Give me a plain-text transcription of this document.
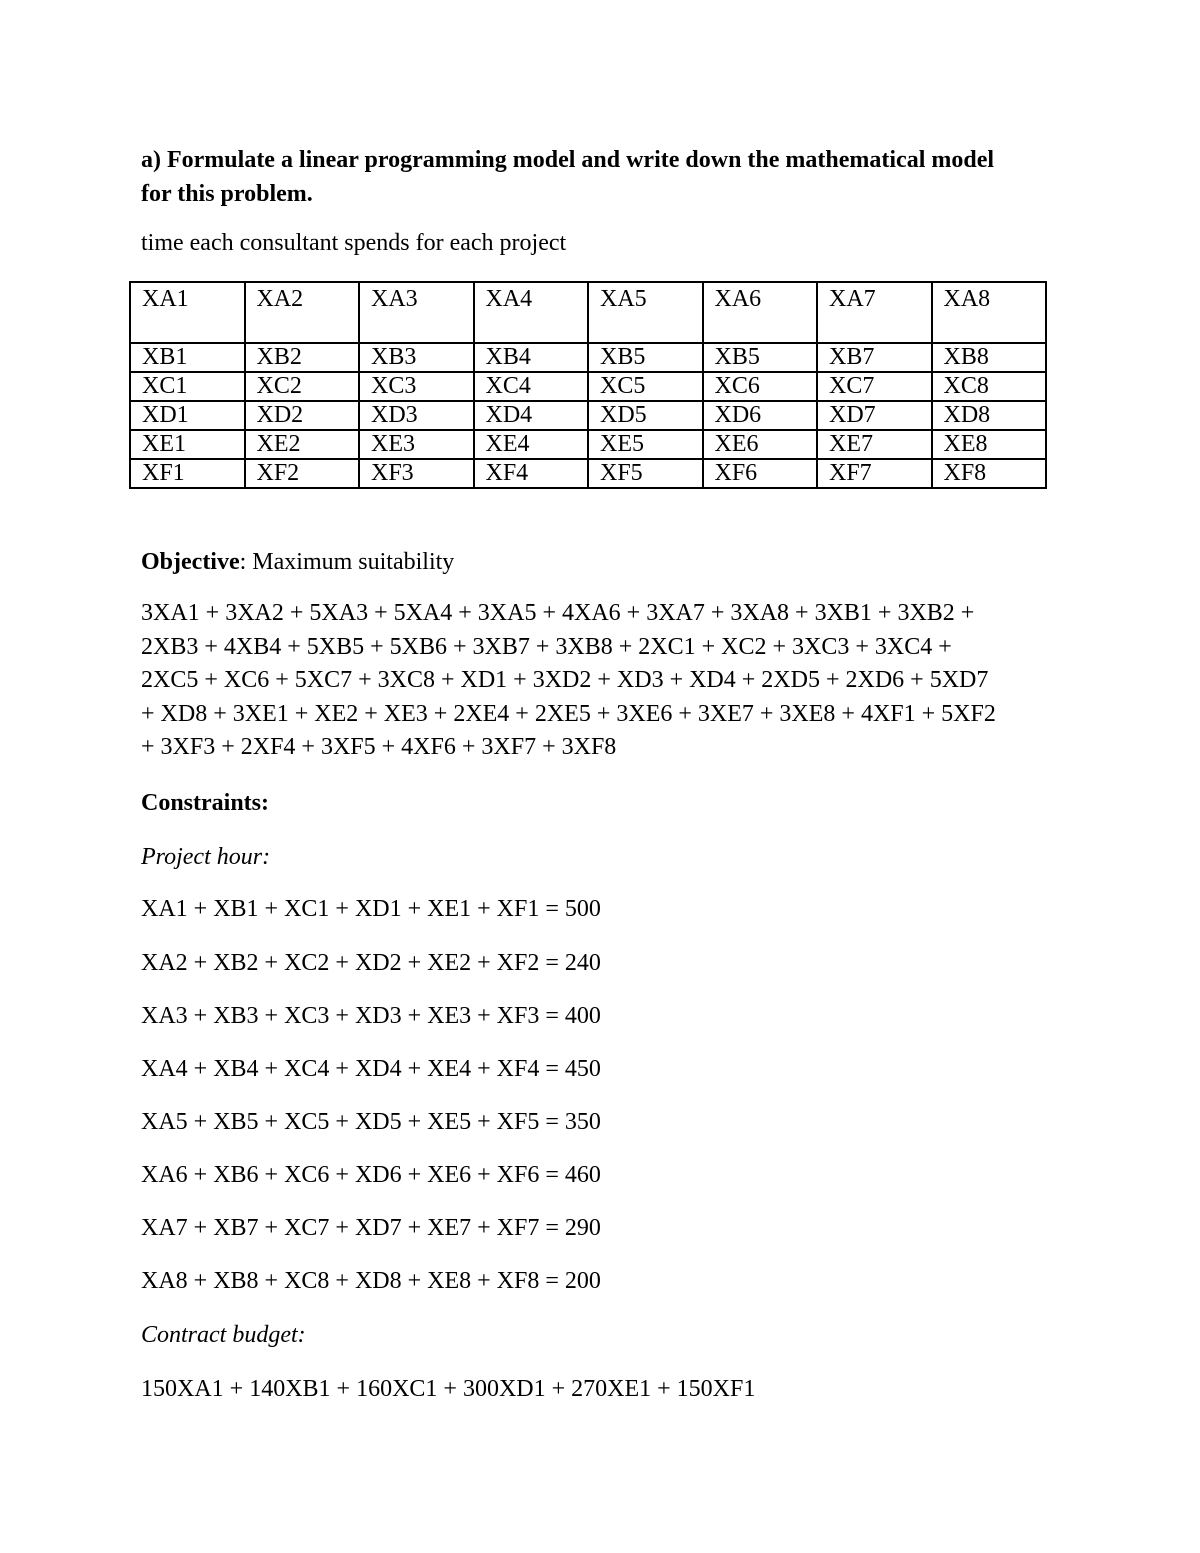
a) Formulate a linear programming model and write down the mathematical model
for this problem.
time each consultant spends for each project
XA1	XA2	XA3	XA4	XA5	XA6	XA7	XA8
XB1	XB2	XB3	XB4	XB5	XB5	XB7	XB8
XC1	XC2	XC3	XC4	XC5	XC6	XC7	XC8
XD1	XD2	XD3	XD4	XD5	XD6	XD7	XD8
XE1	XE2	XE3	XE4	XE5	XE6	XE7	XE8
XF1	XF2	XF3	XF4	XF5	XF6	XF7	XF8
Objective: Maximum suitability
3XA1 + 3XA2 + 5XA3 + 5XA4 + 3XA5 + 4XA6 + 3XA7 + 3XA8 + 3XB1 + 3XB2 +
2XB3 + 4XB4 + 5XB5 + 5XB6 + 3XB7 + 3XB8 + 2XC1 + XC2 + 3XC3 + 3XC4 +
2XC5 + XC6 + 5XC7 + 3XC8 + XD1 + 3XD2 + XD3 + XD4 + 2XD5 + 2XD6 + 5XD7
+ XD8 + 3XE1 + XE2 + XE3 + 2XE4 + 2XE5 + 3XE6 + 3XE7 + 3XE8 + 4XF1 + 5XF2
+ 3XF3 + 2XF4 + 3XF5 + 4XF6 + 3XF7 + 3XF8
Constraints:
Project hour:
XA1 + XB1 + XC1 + XD1 + XE1 + XF1 = 500
XA2 + XB2 + XC2 + XD2 + XE2 + XF2 = 240
XA3 + XB3 + XC3 + XD3 + XE3 + XF3 = 400
XA4 + XB4 + XC4 + XD4 + XE4 + XF4 = 450
XA5 + XB5 + XC5 + XD5 + XE5 + XF5 = 350
XA6 + XB6 + XC6 + XD6 + XE6 + XF6 = 460
XA7 + XB7 + XC7 + XD7 + XE7 + XF7 = 290
XA8 + XB8 + XC8 + XD8 + XE8 + XF8 = 200
Contract budget:
150XA1 + 140XB1 + 160XC1 + 300XD1 + 270XE1 + 150XF1
